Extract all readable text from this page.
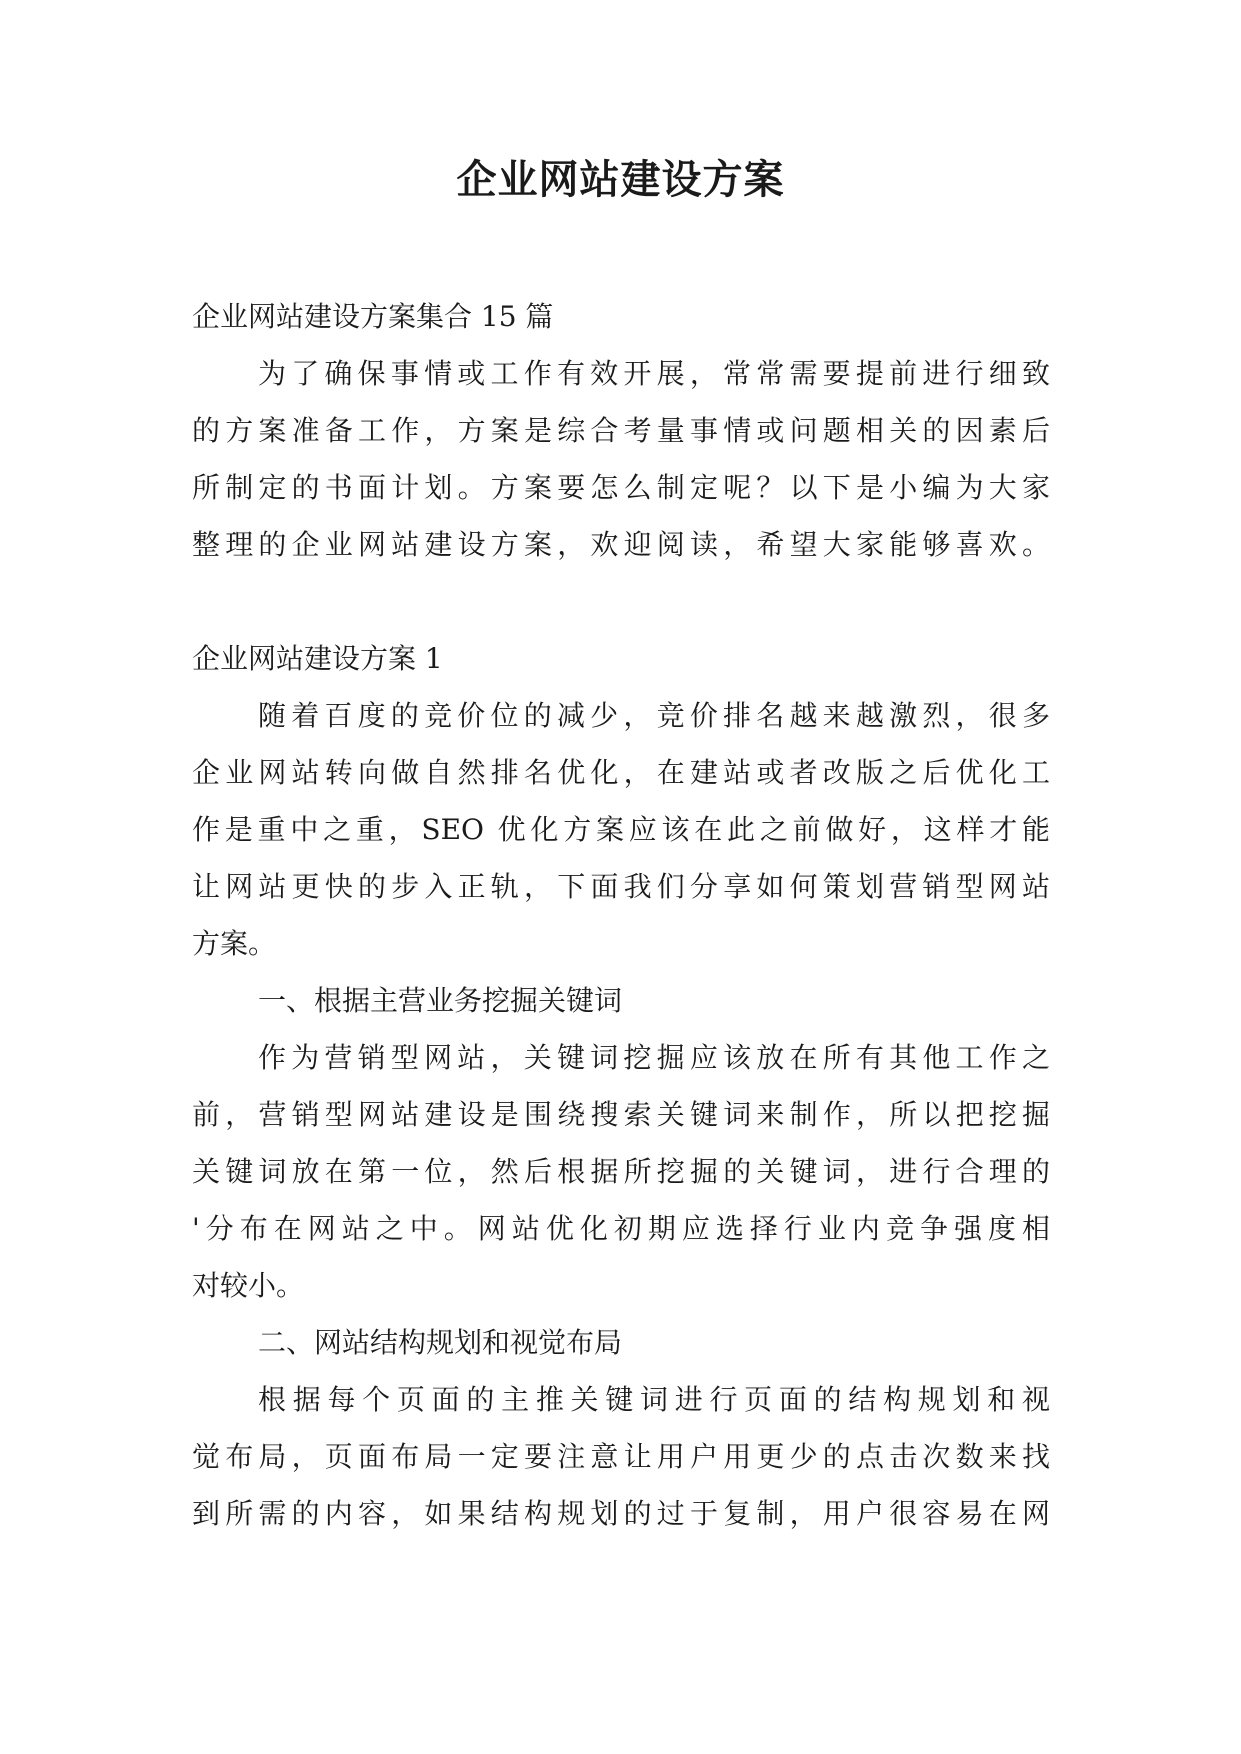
企业网站建设方案
企业网站建设方案集合 15 篇
为了确保事情或工作有效开展，常常需要提前进行细致
的方案准备工作，方案是综合考量事情或问题相关的因素后
所制定的书面计划。方案要怎么制定呢？以下是小编为大家
整理的企业网站建设方案，欢迎阅读，希望大家能够喜欢。
企业网站建设方案 1
随着百度的竞价位的减少，竞价排名越来越激烈，很多
企业网站转向做自然排名优化，在建站或者改版之后优化工
作是重中之重，SEO 优化方案应该在此之前做好，这样才能
让网站更快的步入正轨，下面我们分享如何策划营销型网站
方案。
一、根据主营业务挖掘关键词
作为营销型网站，关键词挖掘应该放在所有其他工作之
前，营销型网站建设是围绕搜索关键词来制作，所以把挖掘
关键词放在第一位，然后根据所挖掘的关键词，进行合理的
'分布在网站之中。网站优化初期应选择行业内竞争强度相
对较小。
二、网站结构规划和视觉布局
根据每个页面的主推关键词进行页面的结构规划和视
觉布局，页面布局一定要注意让用户用更少的点击次数来找
到所需的内容，如果结构规划的过于复制，用户很容易在网
